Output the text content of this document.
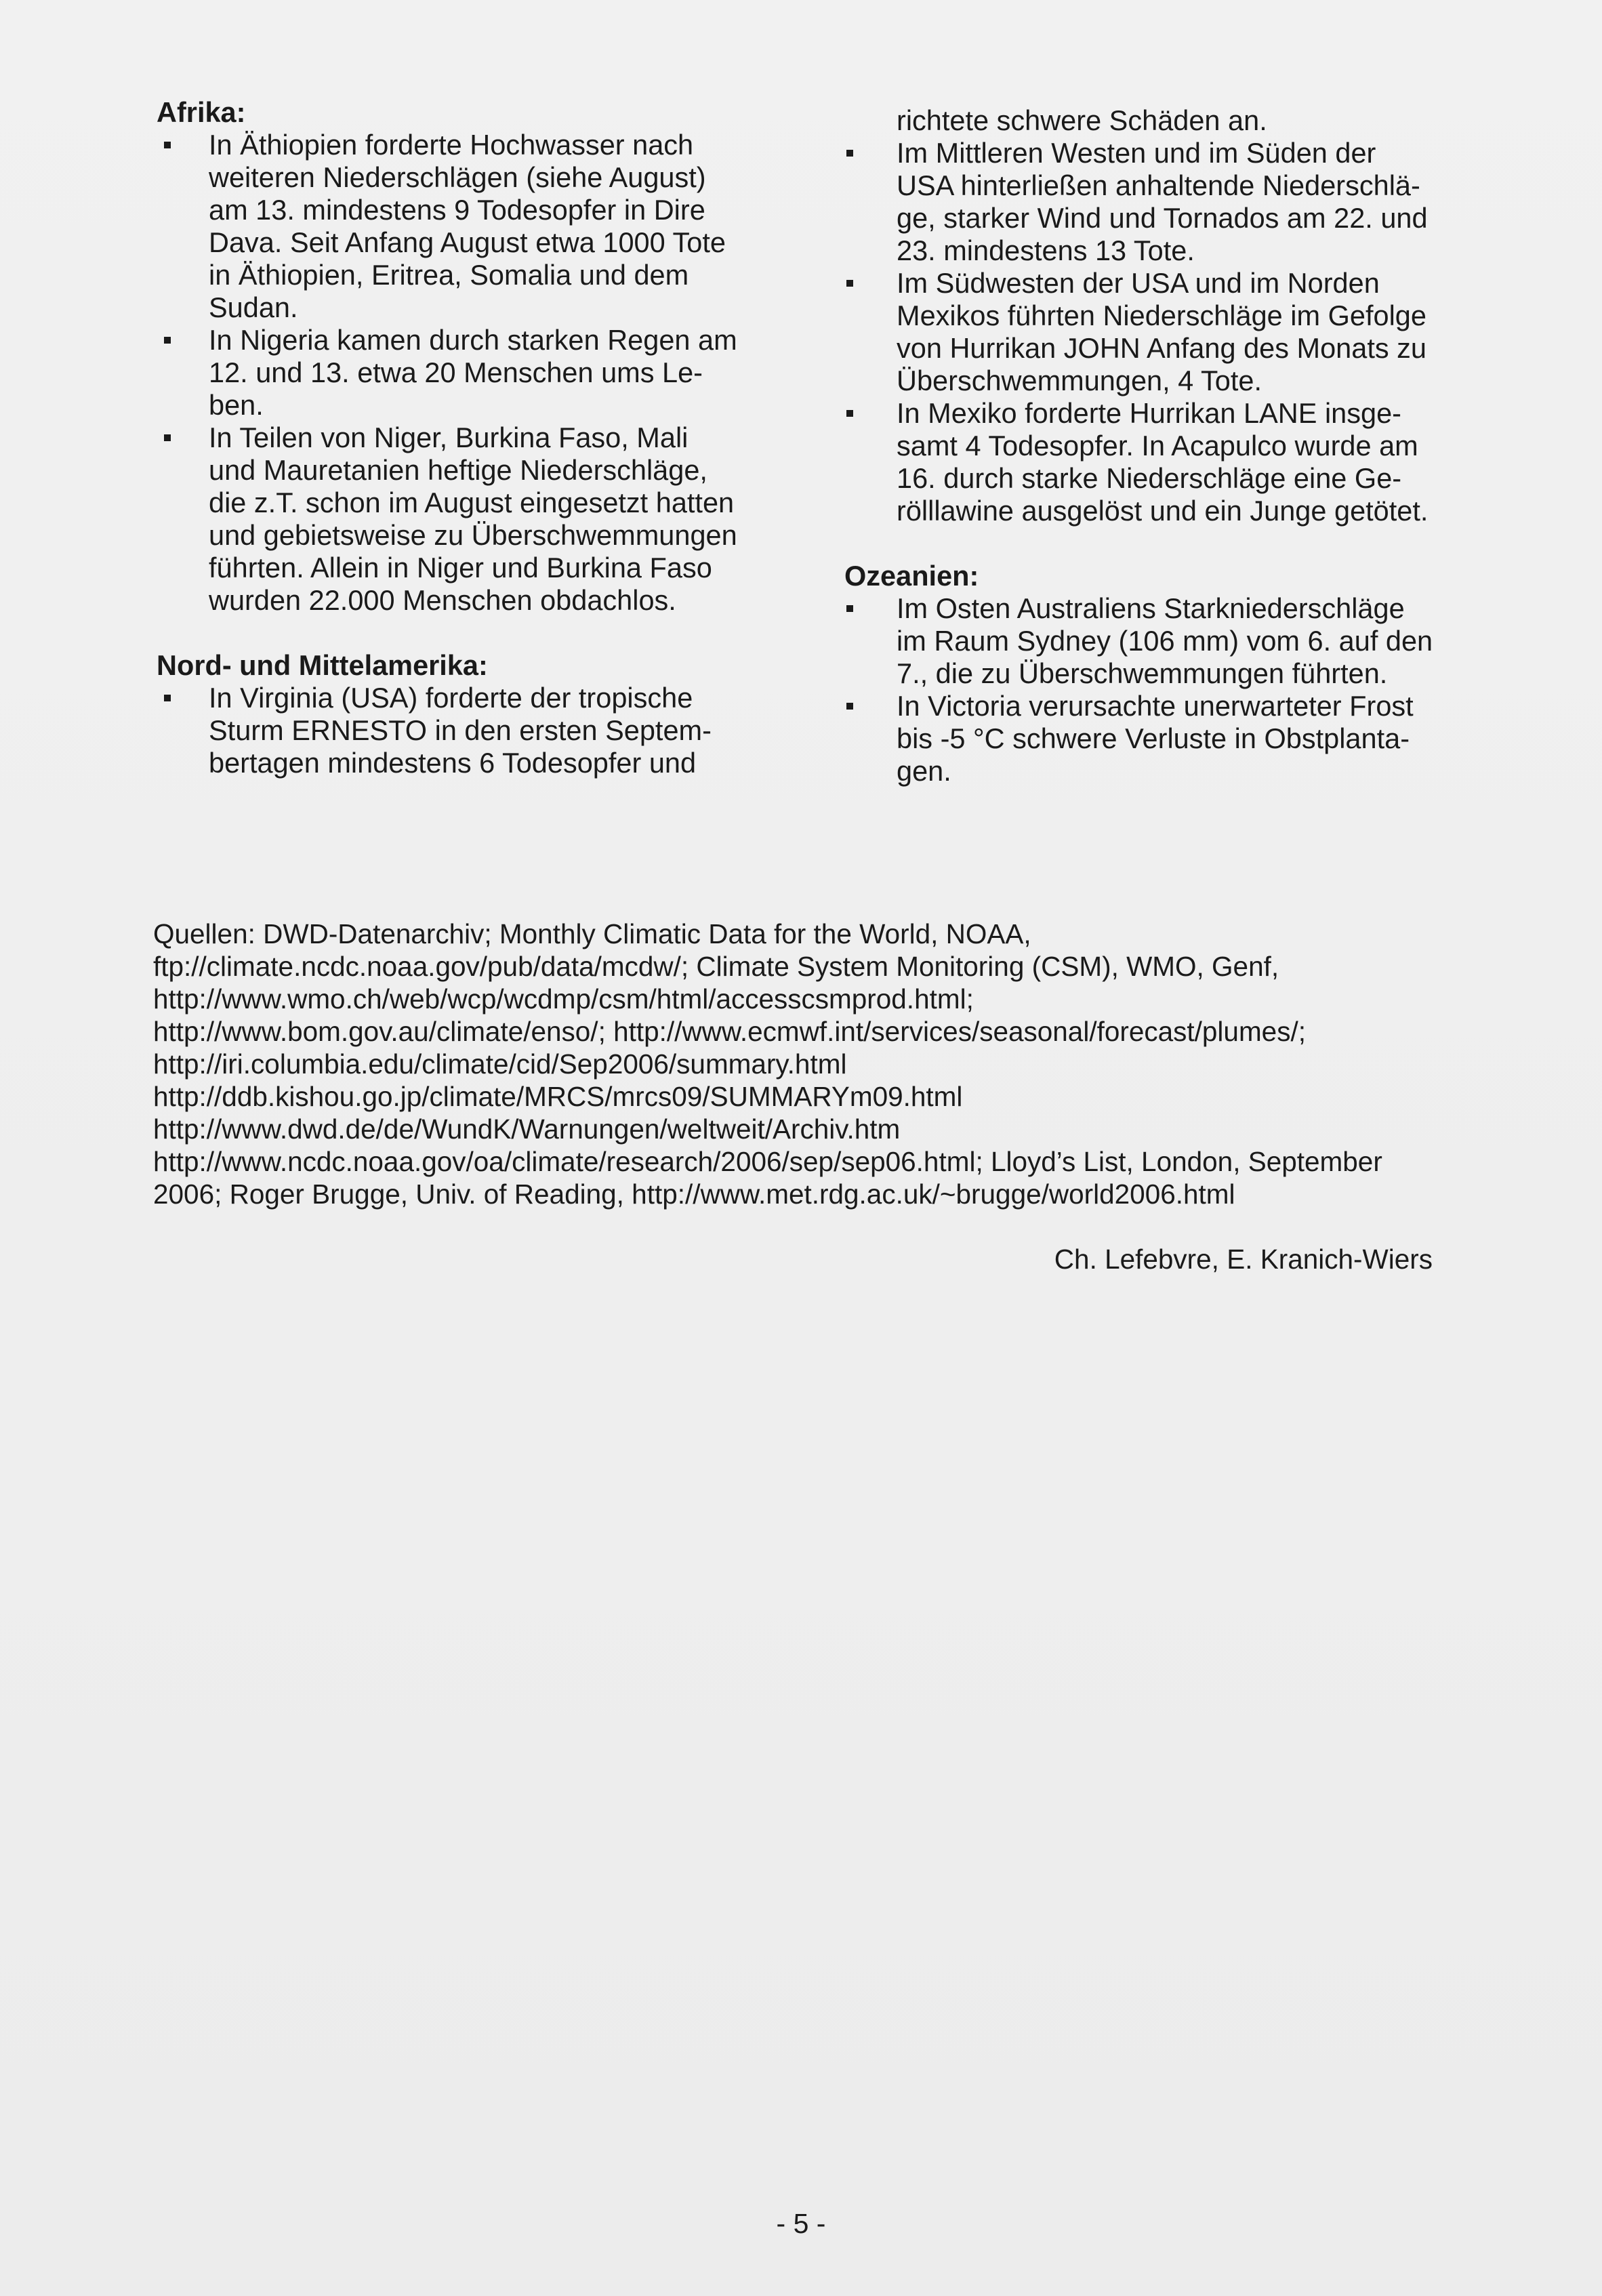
Afrika:

In Äthiopien forderte Hochwasser nach
weiteren Niederschlägen (siehe August)
am 13. mindestens 9 Todesopfer in Dire
Dava. Seit Anfang August etwa 1000 Tote
in Äthiopien, Eritrea, Somalia und dem
Sudan.
In Nigeria kamen durch starken Regen am
12. und 13. etwa 20 Menschen ums Le-
ben.
In Teilen von Niger, Burkina Faso, Mali
und Mauretanien heftige Niederschläge,
die z.T. schon im August eingesetzt hatten
und gebietsweise zu Überschwemmungen
führten. Allein in Niger und Burkina Faso
wurden 22.000 Menschen obdachlos.

Nord- und Mittelamerika:

In Virginia (USA) forderte der tropische
Sturm ERNESTO in den ersten Septem-
bertagen mindestens 6 Todesopfer und

richtete schwere Schäden an.

Im Mittleren Westen und im Süden der
USA hinterließen anhaltende Niederschlä-
ge, starker Wind und Tornados am 22. und
23. mindestens 13 Tote.
Im Südwesten der USA und im Norden
Mexikos führten Niederschläge im Gefolge
von Hurrikan JOHN Anfang des Monats zu
Überschwemmungen, 4 Tote.
In Mexiko forderte Hurrikan LANE insge-
samt 4 Todesopfer. In Acapulco wurde am
16. durch starke Niederschläge eine Ge-
rölllawine ausgelöst und ein Junge getötet.

Ozeanien:

Im Osten Australiens Starkniederschläge
im Raum Sydney (106 mm) vom 6. auf den
7., die zu Überschwemmungen führten.
In Victoria verursachte unerwarteter Frost
bis -5 °C schwere Verluste in Obstplanta-
gen.
Quellen: DWD-Datenarchiv; Monthly Climatic Data for the World, NOAA,
ftp://climate.ncdc.noaa.gov/pub/data/mcdw/; Climate System Monitoring (CSM), WMO, Genf,
http://www.wmo.ch/web/wcp/wcdmp/csm/html/accesscsmprod.html;
http://www.bom.gov.au/climate/enso/; http://www.ecmwf.int/services/seasonal/forecast/plumes/;
http://iri.columbia.edu/climate/cid/Sep2006/summary.html
http://ddb.kishou.go.jp/climate/MRCS/mrcs09/SUMMARYm09.html
http://www.dwd.de/de/WundK/Warnungen/weltweit/Archiv.htm
http://www.ncdc.noaa.gov/oa/climate/research/2006/sep/sep06.html; Lloyd’s List, London, September
2006; Roger Brugge, Univ. of Reading, http://www.met.rdg.ac.uk/~brugge/world2006.html
Ch. Lefebvre, E. Kranich-Wiers
- 5 -
